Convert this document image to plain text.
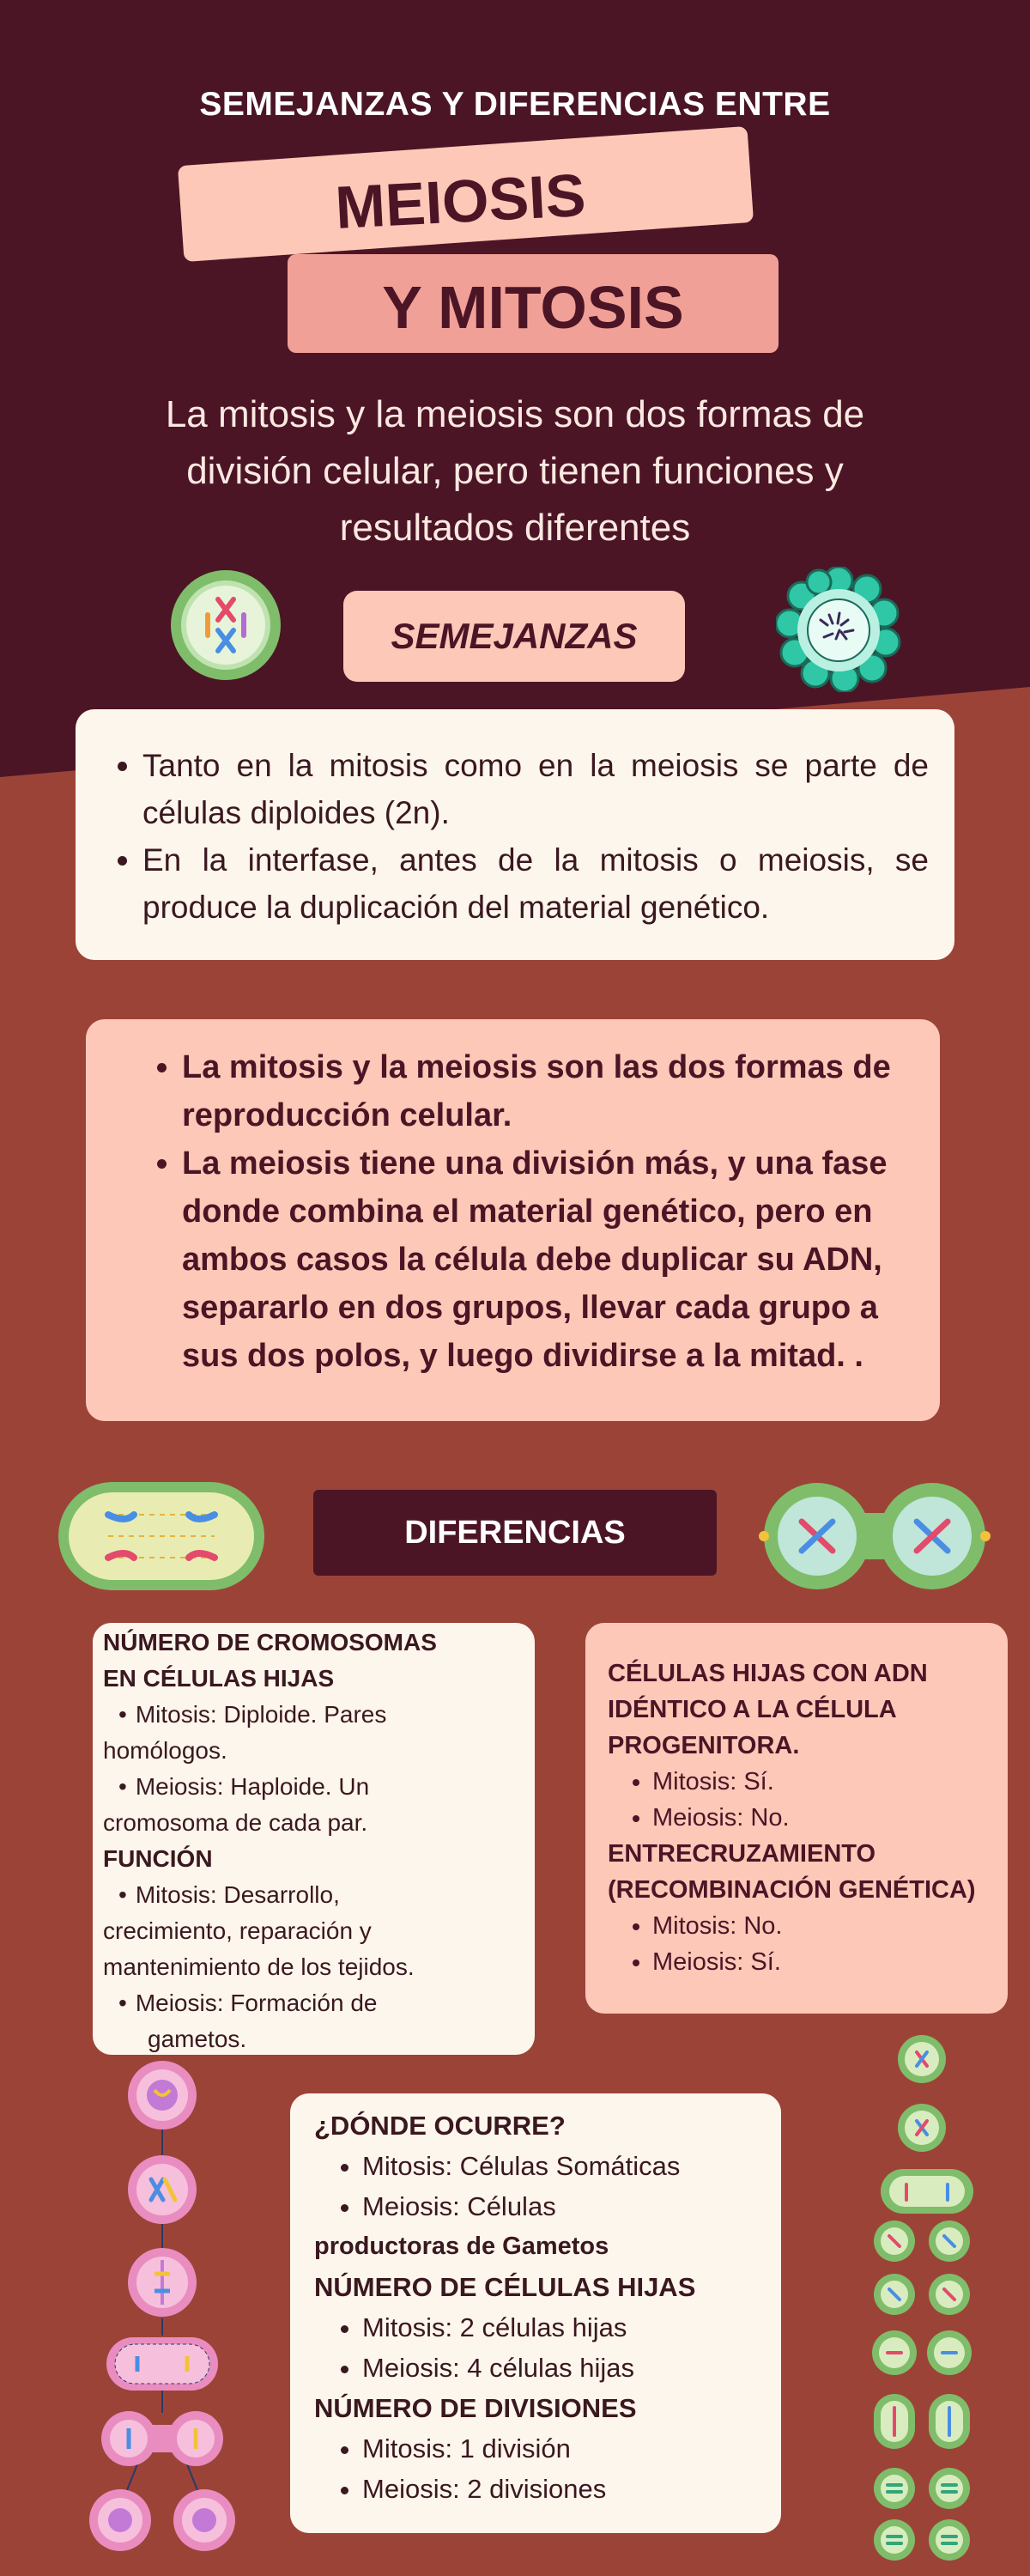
SEMEJANZAS Y DIFERENCIAS ENTRE
MEIOSIS
Y MITOSIS
La mitosis y la meiosis son dos formas de división celular, pero tienen funciones y resultados diferentes
SEMEJANZAS
• Tanto en la mitosis como en la meiosis se parte de células diploides (2n).
• En la interfase, antes de la mitosis o meiosis, se produce la duplicación del material genético.
• La mitosis y la meiosis son las dos formas de reproducción celular.
• La meiosis tiene una división más, y una fase donde combina el material genético, pero en ambos casos la célula debe duplicar su ADN, separarlo en dos grupos, llevar cada grupo a sus dos polos, y luego dividirse a la mitad. .
DIFERENCIAS
NÚMERO DE CROMOSOMAS
EN CÉLULAS HIJAS
• Mitosis: Diploide. Pares
homólogos.
• Meiosis: Haploide. Un
cromosoma de cada par.
FUNCIÓN
• Mitosis: Desarrollo,
crecimiento, reparación y
mantenimiento de los tejidos.
• Meiosis: Formación de
gametos.
CÉLULAS HIJAS CON ADN IDÉNTICO A LA CÉLULA PROGENITORA.
• Mitosis: Sí.
• Meiosis: No.
ENTRECRUZAMIENTO (RECOMBINACIÓN GENÉTICA)
• Mitosis: No.
• Meiosis: Sí.
¿DÓNDE OCURRE?
• Mitosis: Células Somáticas
• Meiosis: Células
productoras de Gametos
NÚMERO DE CÉLULAS HIJAS
• Mitosis: 2 células hijas
• Meiosis: 4 células hijas
NÚMERO DE DIVISIONES
• Mitosis: 1 división
• Meiosis: 2 divisiones
